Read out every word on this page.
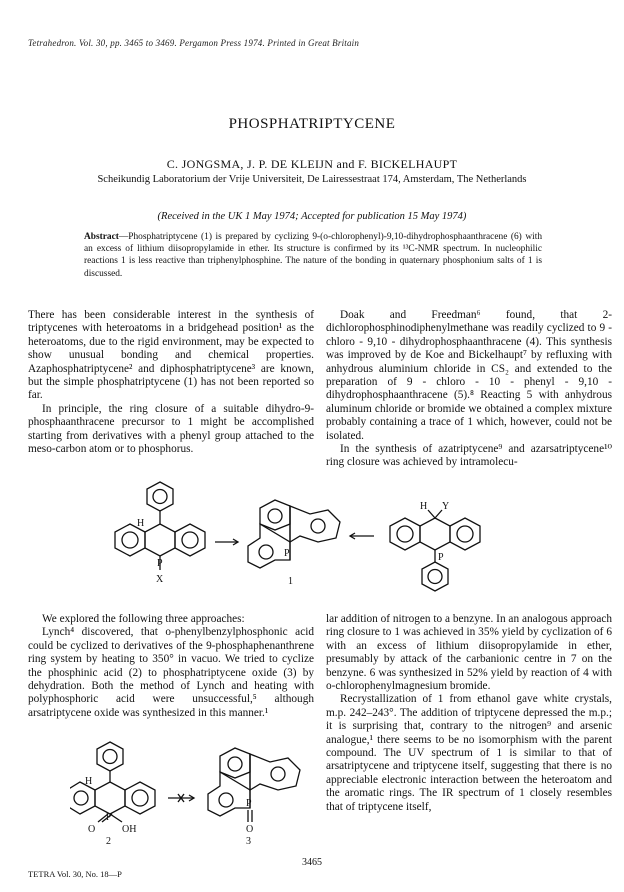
Tetrahedron. Vol. 30, pp. 3465 to 3469. Pergamon Press 1974. Printed in Great Britain
PHOSPHATRIPTYCENE
C. JONGSMA, J. P. DE KLEIJN and F. BICKELHAUPT
Scheikundig Laboratorium der Vrije Universiteit, De Lairessestraat 174, Amsterdam, The Netherlands
(Received in the UK 1 May 1974; Accepted for publication 15 May 1974)
Abstract—Phosphatriptycene (1) is prepared by cyclizing 9-(o-chlorophenyl)-9,10-dihydrophosphaanthracene (6) with an excess of lithium diisopropylamide in ether. Its structure is confirmed by its ¹³C-NMR spectrum. In nucleophilic reactions 1 is less reactive than triphenylphosphine. The nature of the bonding in quaternary phosphonium salts of 1 is discussed.

There has been considerable interest in the synthesis of triptycenes with heteroatoms in a bridgehead position¹ as the heteroatoms, due to the rigid environment, may be expected to show unusual bonding and chemical properties. Azaphosphatriptycene² and diphosphatriptycene³ are known, but the simple phosphatriptycene (1) has not been reported so far.

In principle, the ring closure of a suitable dihydro-9-phosphaanthracene precursor to 1 might be accomplished starting from derivatives with a phenyl group attached to the meso-carbon atom or to phosphorus.

Doak and Freedman⁶ found, that 2-dichlorophosphinodiphenylmethane was readily cyclized to 9 - chloro - 9,10 - dihydrophosphaanthracene (4). This synthesis was improved by de Koe and Bickelhaupt⁷ by refluxing with anhydrous aluminium chloride in CS₂ and extended to the preparation of 9 - chloro - 10 - phenyl - 9,10 - dihydrophosphaanthracene (5).⁸ Reacting 5 with anhydrous aluminum chloride or bromide we obtained a complex mixture probably containing a trace of 1 which, however, could not be isolated.

In the synthesis of azatriptycene⁹ and azarsatriptycene¹⁰ ring closure was achieved by intramolecu-

H
P
X
P
1
H Y
P

We explored the following three approaches:

Lynch⁴ discovered, that o-phenylbenzylphosphonic acid could be cyclized to derivatives of the 9-phosphaphenanthrene ring system by heating to 350° in vacuo. We tried to cyclize the phosphinic acid (2) to phosphatriptycene oxide (3) by dehydration. Both the method of Lynch and heating with polyphosphoric acid were unsuccessful,⁵ although arsatriptycene oxide was synthesized in this manner.¹

lar addition of nitrogen to a benzyne. In an analogous approach ring closure to 1 was achieved in 35% yield by cyclization of 6 with an excess of lithium diisopropylamide in ether, presumably by attack of the carbanionic centre in 7 on the benzyne. 6 was synthesized in 52% yield by reaction of 4 with o-chlorophenylmagnesium bromide.

Recrystallization of 1 from ethanol gave white crystals, m.p. 242–243°. The addition of triptycene depressed the m.p.; it is surprising that, contrary to the nitrogen⁹ and arsenic analogue,¹ there seems to be no isomorphism with the parent compound. The UV spectrum of 1 is similar to that of arsatriptycene and triptycene itself, suggesting that there is no appreciable electronic interaction between the heteroatom and the aromatic rings. The IR spectrum of 1 closely resembles that of triptycene itself,

H
P
O	OH
2
P
O
3
3465
TETRA Vol. 30, No. 18—P
